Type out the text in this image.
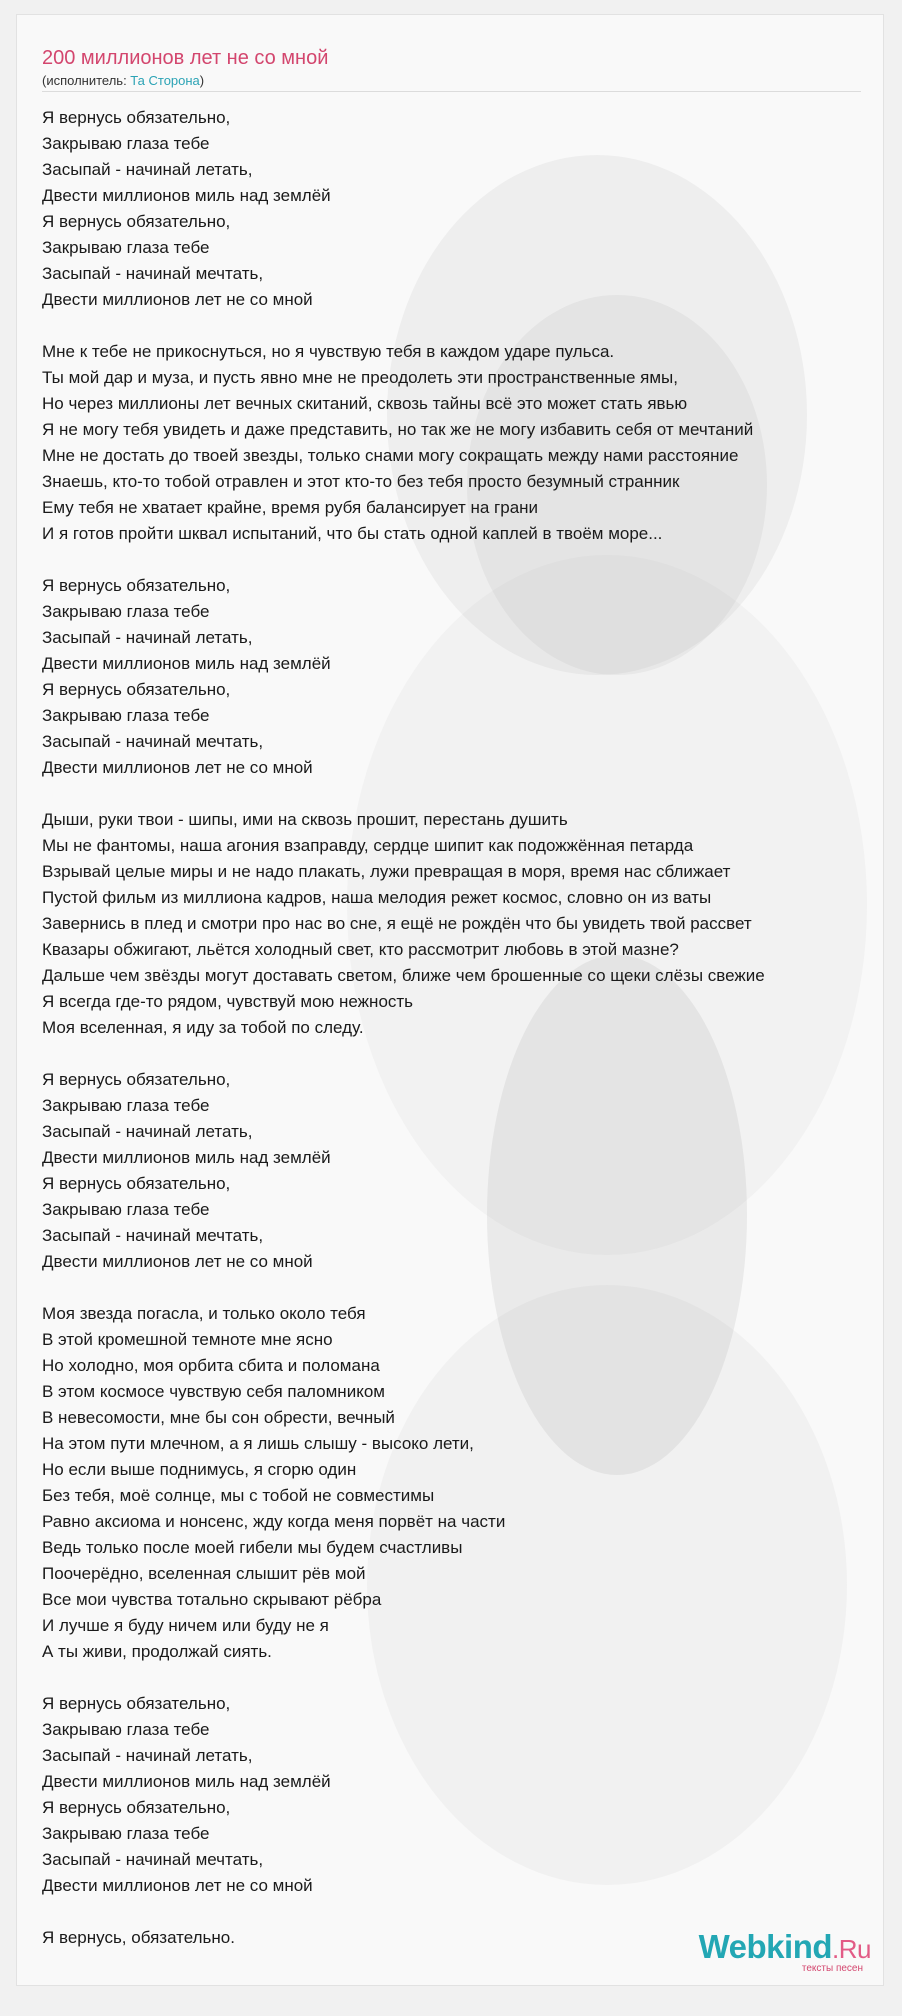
200 миллионов лет не со мной
(исполнитель: Та Сторона)
Я вернусь обязательно,
Закрываю глаза тебе
Засыпай - начинай летать,
Двести миллионов миль над землёй
Я вернусь обязательно,
Закрываю глаза тебе
Засыпай - начинай мечтать,
Двести миллионов лет не со мной
Мне к тебе не прикоснуться, но я чувствую тебя в каждом ударе пульса.
Ты мой дар и муза, и пусть явно мне не преодолеть эти пространственные ямы,
Но через миллионы лет вечных скитаний, сквозь тайны всё это может стать явью
Я не могу тебя увидеть и даже представить, но так же не могу избавить себя от мечтаний
Мне не достать до твоей звезды, только снами могу сокращать между нами расстояние
Знаешь, кто-то тобой отравлен и этот кто-то без тебя просто безумный странник
Ему тебя не хватает крайне, время рубя балансирует на грани
И я готов пройти шквал испытаний, что бы стать одной каплей в твоём море...
Я вернусь обязательно,
Закрываю глаза тебе
Засыпай - начинай летать,
Двести миллионов миль над землёй
Я вернусь обязательно,
Закрываю глаза тебе
Засыпай - начинай мечтать,
Двести миллионов лет не со мной
Дыши, руки твои - шипы, ими на сквозь прошит, перестань душить
Мы не фантомы, наша агония взаправду, сердце шипит как подожжённая петарда
Взрывай целые миры и не надо плакать, лужи превращая в моря, время нас сближает
Пустой фильм из миллиона кадров, наша мелодия режет космос, словно он из ваты
Завернись в плед и смотри про нас во сне, я ещё не рождён что бы увидеть твой рассвет
Квазары обжигают, льётся холодный свет, кто рассмотрит любовь в этой мазне?
Дальше чем звёзды могут доставать светом, ближе чем брошенные со щеки слёзы свежие
Я всегда где-то рядом, чувствуй мою нежность
Моя вселенная, я иду за тобой по следу.
Я вернусь обязательно,
Закрываю глаза тебе
Засыпай - начинай летать,
Двести миллионов миль над землёй
Я вернусь обязательно,
Закрываю глаза тебе
Засыпай - начинай мечтать,
Двести миллионов лет не со мной
Моя звезда погасла, и только около тебя
В этой кромешной темноте мне ясно
Но холодно, моя орбита сбита и поломана
В этом космосе чувствую себя паломником
В невесомости, мне бы сон обрести, вечный
На этом пути млечном, а я лишь слышу - высоко лети,
Но если выше поднимусь, я сгорю один
Без тебя, моё солнце, мы с тобой не совместимы
Равно аксиома и нонсенс, жду когда меня порвёт на части
Ведь только после моей гибели мы будем счастливы
Поочерёдно, вселенная слышит рёв мой
Все мои чувства тотально скрывают рёбра
И лучше я буду ничем или буду не я
А ты живи, продолжай сиять.
Я вернусь обязательно,
Закрываю глаза тебе
Засыпай - начинай летать,
Двести миллионов миль над землёй
Я вернусь обязательно,
Закрываю глаза тебе
Засыпай - начинай мечтать,
Двести миллионов лет не со мной
Я вернусь, обязательно.	Webkind.Ru
тексты песен
